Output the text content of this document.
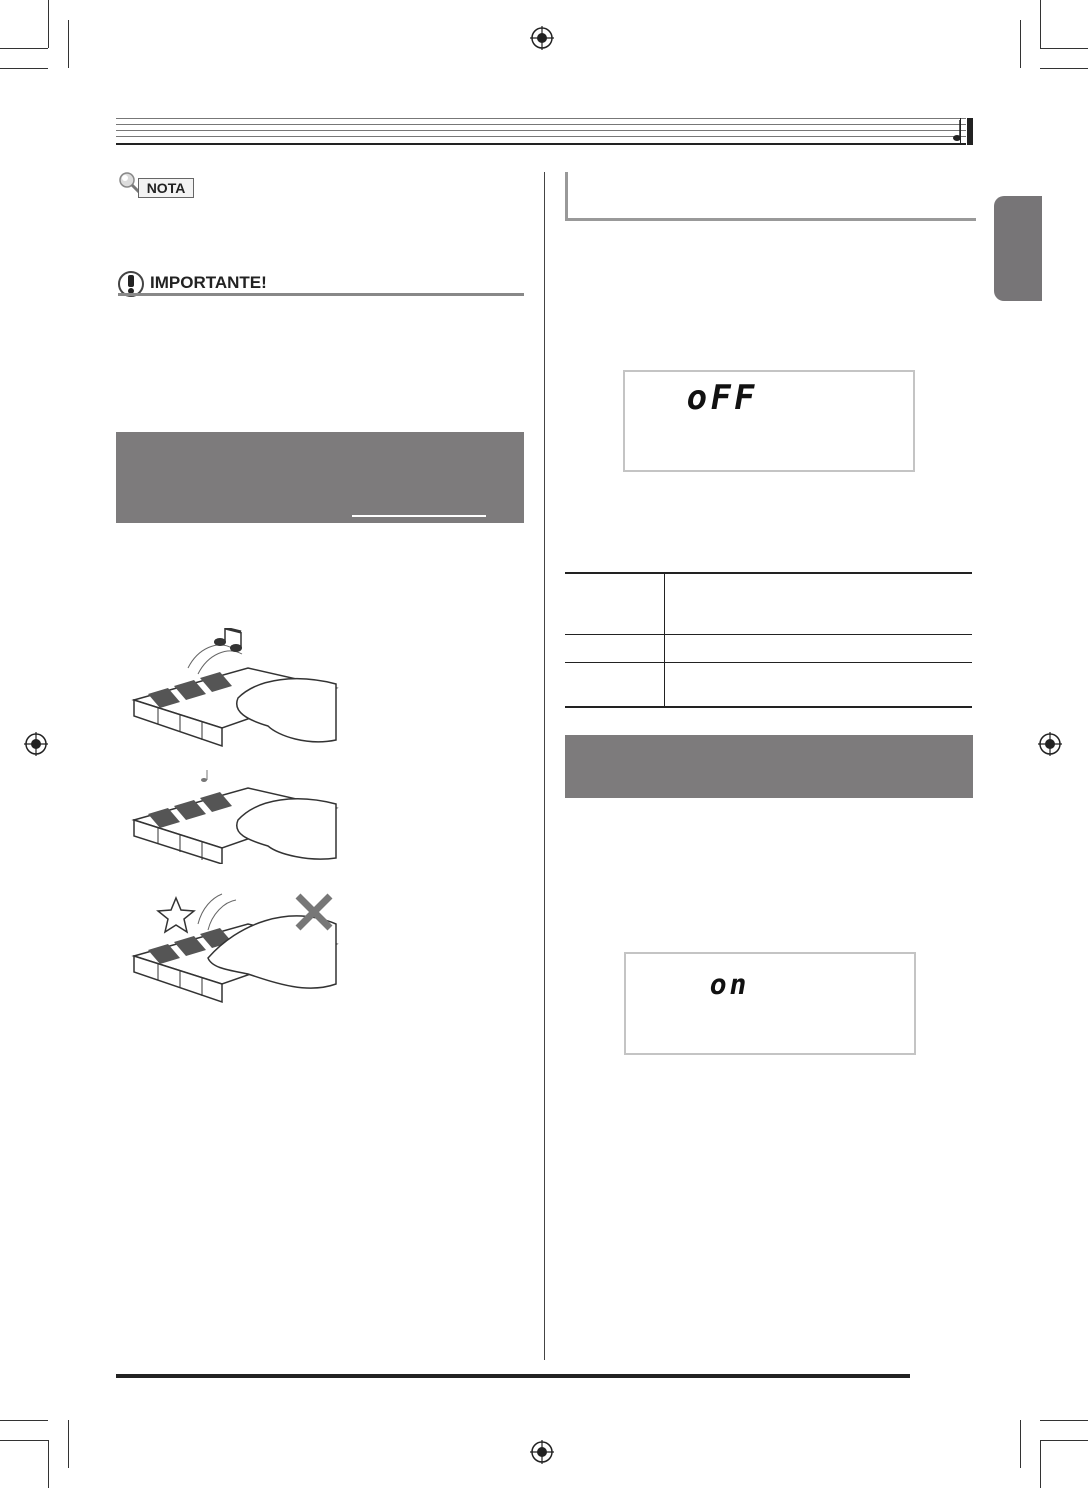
NOTA
IMPORTANTE!
oFF
on
